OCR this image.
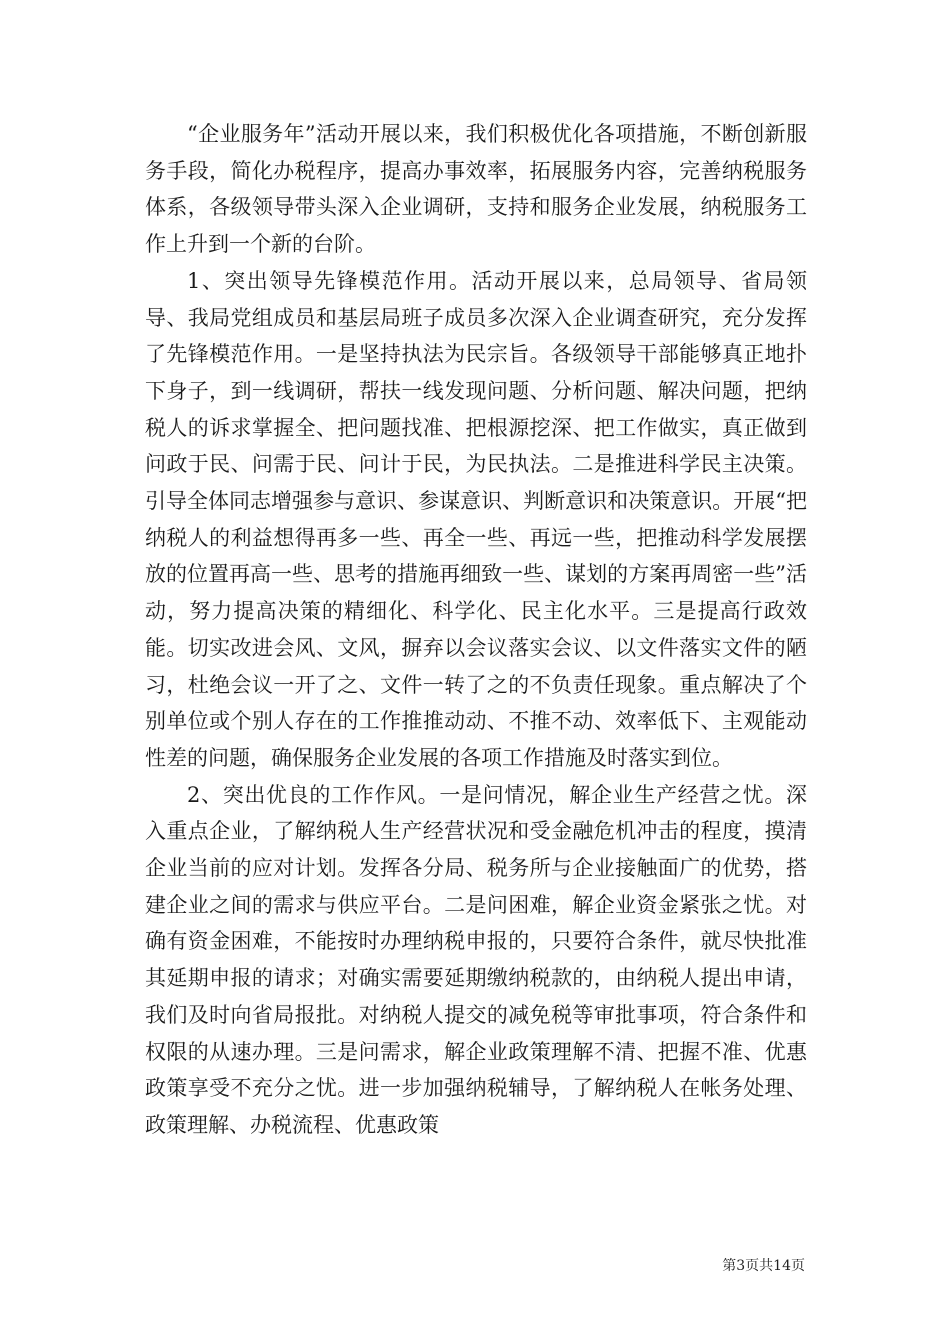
“企业服务年”活动开展以来，我们积极优化各项措施，不断创新服务手段，简化办税程序，提高办事效率，拓展服务内容，完善纳税服务体系，各级领导带头深入企业调研，支持和服务企业发展，纳税服务工作上升到一个新的台阶。

1、突出领导先锋模范作用。活动开展以来，总局领导、省局领导、我局党组成员和基层局班子成员多次深入企业调查研究，充分发挥了先锋模范作用。一是坚持执法为民宗旨。各级领导干部能够真正地扑下身子，到一线调研，帮扶一线发现问题、分析问题、解决问题，把纳税人的诉求掌握全、把问题找准、把根源挖深、把工作做实，真正做到问政于民、问需于民、问计于民，为民执法。二是推进科学民主决策。引导全体同志增强参与意识、参谋意识、判断意识和决策意识。开展“把纳税人的利益想得再多一些、再全一些、再远一些，把推动科学发展摆放的位置再高一些、思考的措施再细致一些、谋划的方案再周密一些”活动，努力提高决策的精细化、科学化、民主化水平。三是提高行政效能。切实改进会风、文风，摒弃以会议落实会议、以文件落实文件的陋习，杜绝会议一开了之、文件一转了之的不负责任现象。重点解决了个别单位或个别人存在的工作推推动动、不推不动、效率低下、主观能动性差的问题，确保服务企业发展的各项工作措施及时落实到位。

2、突出优良的工作作风。一是问情况，解企业生产经营之忧。深入重点企业，了解纳税人生产经营状况和受金融危机冲击的程度，摸清企业当前的应对计划。发挥各分局、税务所与企业接触面广的优势，搭建企业之间的需求与供应平台。二是问困难，解企业资金紧张之忧。对确有资金困难，不能按时办理纳税申报的，只要符合条件，就尽快批准其延期申报的请求；对确实需要延期缴纳税款的，由纳税人提出申请，我们及时向省局报批。对纳税人提交的减免税等审批事项，符合条件和权限的从速办理。三是问需求，解企业政策理解不清、把握不准、优惠政策享受不充分之忧。进一步加强纳税辅导，了解纳税人在帐务处理、政策理解、办税流程、优惠政策

第3页共14页
